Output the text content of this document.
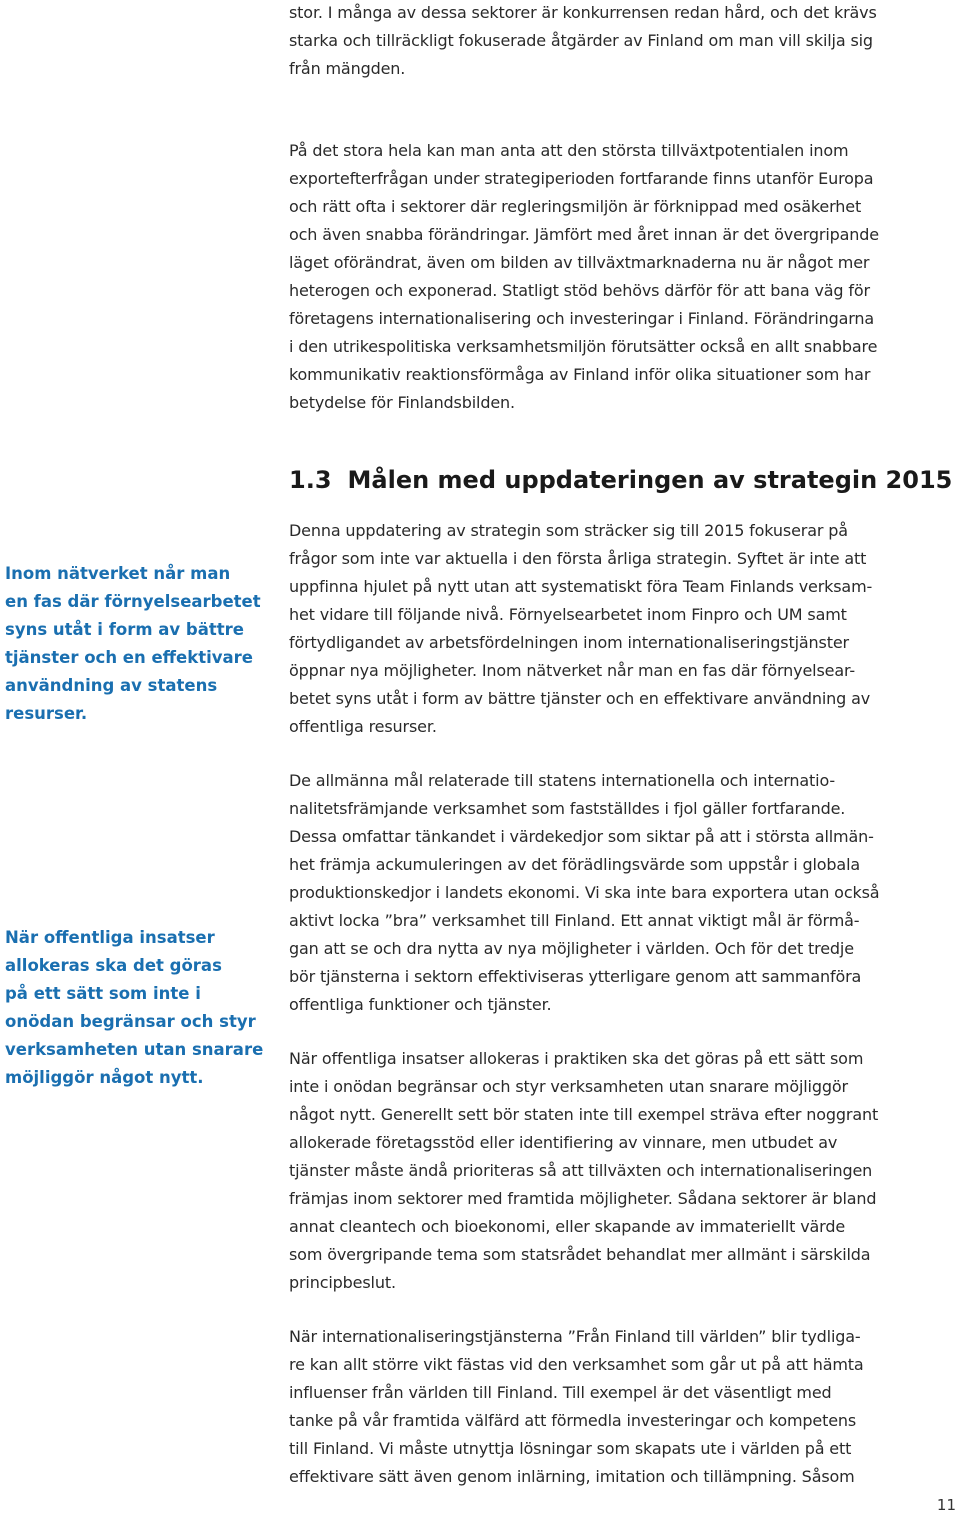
stor. I många av dessa sektorer är konkurrensen redan hård, och det krävs
starka och tillräckligt fokuserade åtgärder av Finland om man vill skilja sig
från mängden.

På det stora hela kan man anta att den största tillväxtpotentialen inom
exportefterfrågan under strategiperioden fortfarande finns utanför Europa
och rätt ofta i sektorer där regleringsmiljön är förknippad med osäkerhet
och även snabba förändringar. Jämfört med året innan är det övergripande
läget oförändrat, även om bilden av tillväxtmarknaderna nu är något mer
heterogen och exponerad. Statligt stöd behövs därför för att bana väg för
företagens internationalisering och investeringar i Finland. Förändringarna
i den utrikespolitiska verksamhetsmiljön förutsätter också en allt snabbare
kommunikativ reaktionsförmåga av Finland inför olika situationer som har
betydelse för Finlandsbilden.

1.3 Målen med uppdateringen av strategin 2015

Denna uppdatering av strategin som sträcker sig till 2015 fokuserar på
frågor som inte var aktuella i den första årliga strategin. Syftet är inte att
uppfinna hjulet på nytt utan att systematiskt föra Team Finlands verksam-
het vidare till följande nivå. Förnyelsearbetet inom Finpro och UM samt
förtydligandet av arbetsfördelningen inom internationaliseringstjänster
öppnar nya möjligheter. Inom nätverket når man en fas där förnyelsear-
betet syns utåt i form av bättre tjänster och en effektivare användning av
offentliga resurser.

De allmänna mål relaterade till statens internationella och internatio-
nalitetsfrämjande verksamhet som fastställdes i fjol gäller fortfarande.
Dessa omfattar tänkandet i värdekedjor som siktar på att i största allmän-
het främja ackumuleringen av det förädlingsvärde som uppstår i globala
produktionskedjor i landets ekonomi. Vi ska inte bara exportera utan också
aktivt locka ”bra” verksamhet till Finland. Ett annat viktigt mål är förmå-
gan att se och dra nytta av nya möjligheter i världen. Och för det tredje
bör tjänsterna i sektorn effektiviseras ytterligare genom att sammanföra
offentliga funktioner och tjänster.

När offentliga insatser allokeras i praktiken ska det göras på ett sätt som
inte i onödan begränsar och styr verksamheten utan snarare möjliggör
något nytt. Generellt sett bör staten inte till exempel sträva efter noggrant
allokerade företagsstöd eller identifiering av vinnare, men utbudet av
tjänster måste ändå prioriteras så att tillväxten och internationaliseringen
främjas inom sektorer med framtida möjligheter. Sådana sektorer är bland
annat cleantech och bioekonomi, eller skapande av immateriellt värde
som övergripande tema som statsrådet behandlat mer allmänt i särskilda
principbeslut.

När internationaliseringstjänsterna ”Från Finland till världen” blir tydliga-
re kan allt större vikt fästas vid den verksamhet som går ut på att hämta
influenser från världen till Finland. Till exempel är det väsentligt med
tanke på vår framtida välfärd att förmedla investeringar och kompetens
till Finland. Vi måste utnyttja lösningar som skapats ute i världen på ett
effektivare sätt även genom inlärning, imitation och tillämpning. Såsom

Inom nätverket når man
en fas där förnyelsearbetet
syns utåt i form av bättre
tjänster och en effektivare
användning av statens
resurser.
När offentliga insatser
allokeras ska det göras
på ett sätt som inte i
onödan begränsar och styr
verksamheten utan snarare
möjliggör något nytt.
11
